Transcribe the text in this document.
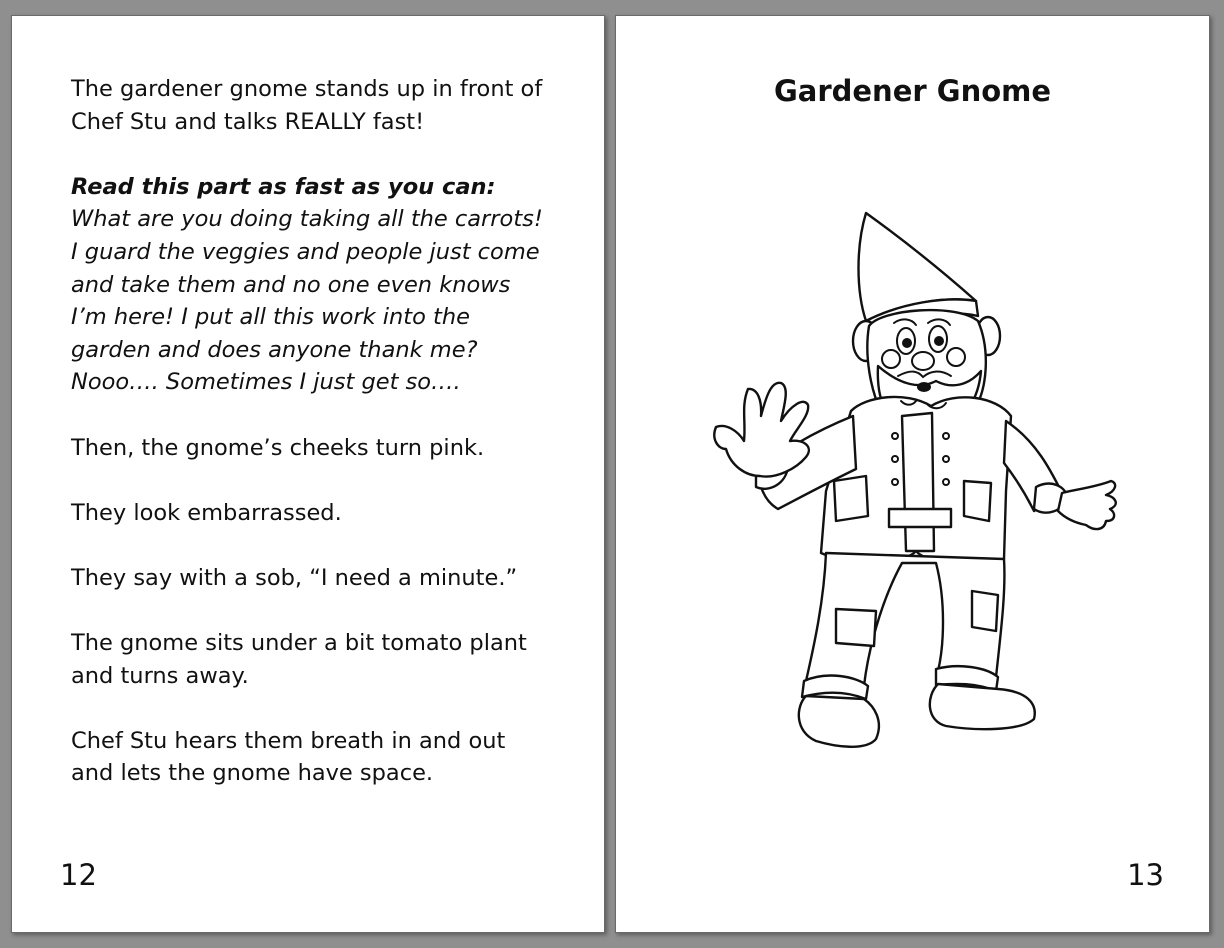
The gardener gnome stands up in front of Chef Stu and talks REALLY fast!

Read this part as fast as you can:
What are you doing taking all the carrots! I guard the veggies and people just come and take them and no one even knows I’m here! I put all this work into the garden and does anyone thank me? Nooo…. Sometimes I just get so….

Then, the gnome’s cheeks turn pink.

They look embarrassed.

They say with a sob, “I need a minute.”

The gnome sits under a bit tomato plant and turns away.

Chef Stu hears them breath in and out and lets the gnome have space.

12
Gardener Gnome
13
